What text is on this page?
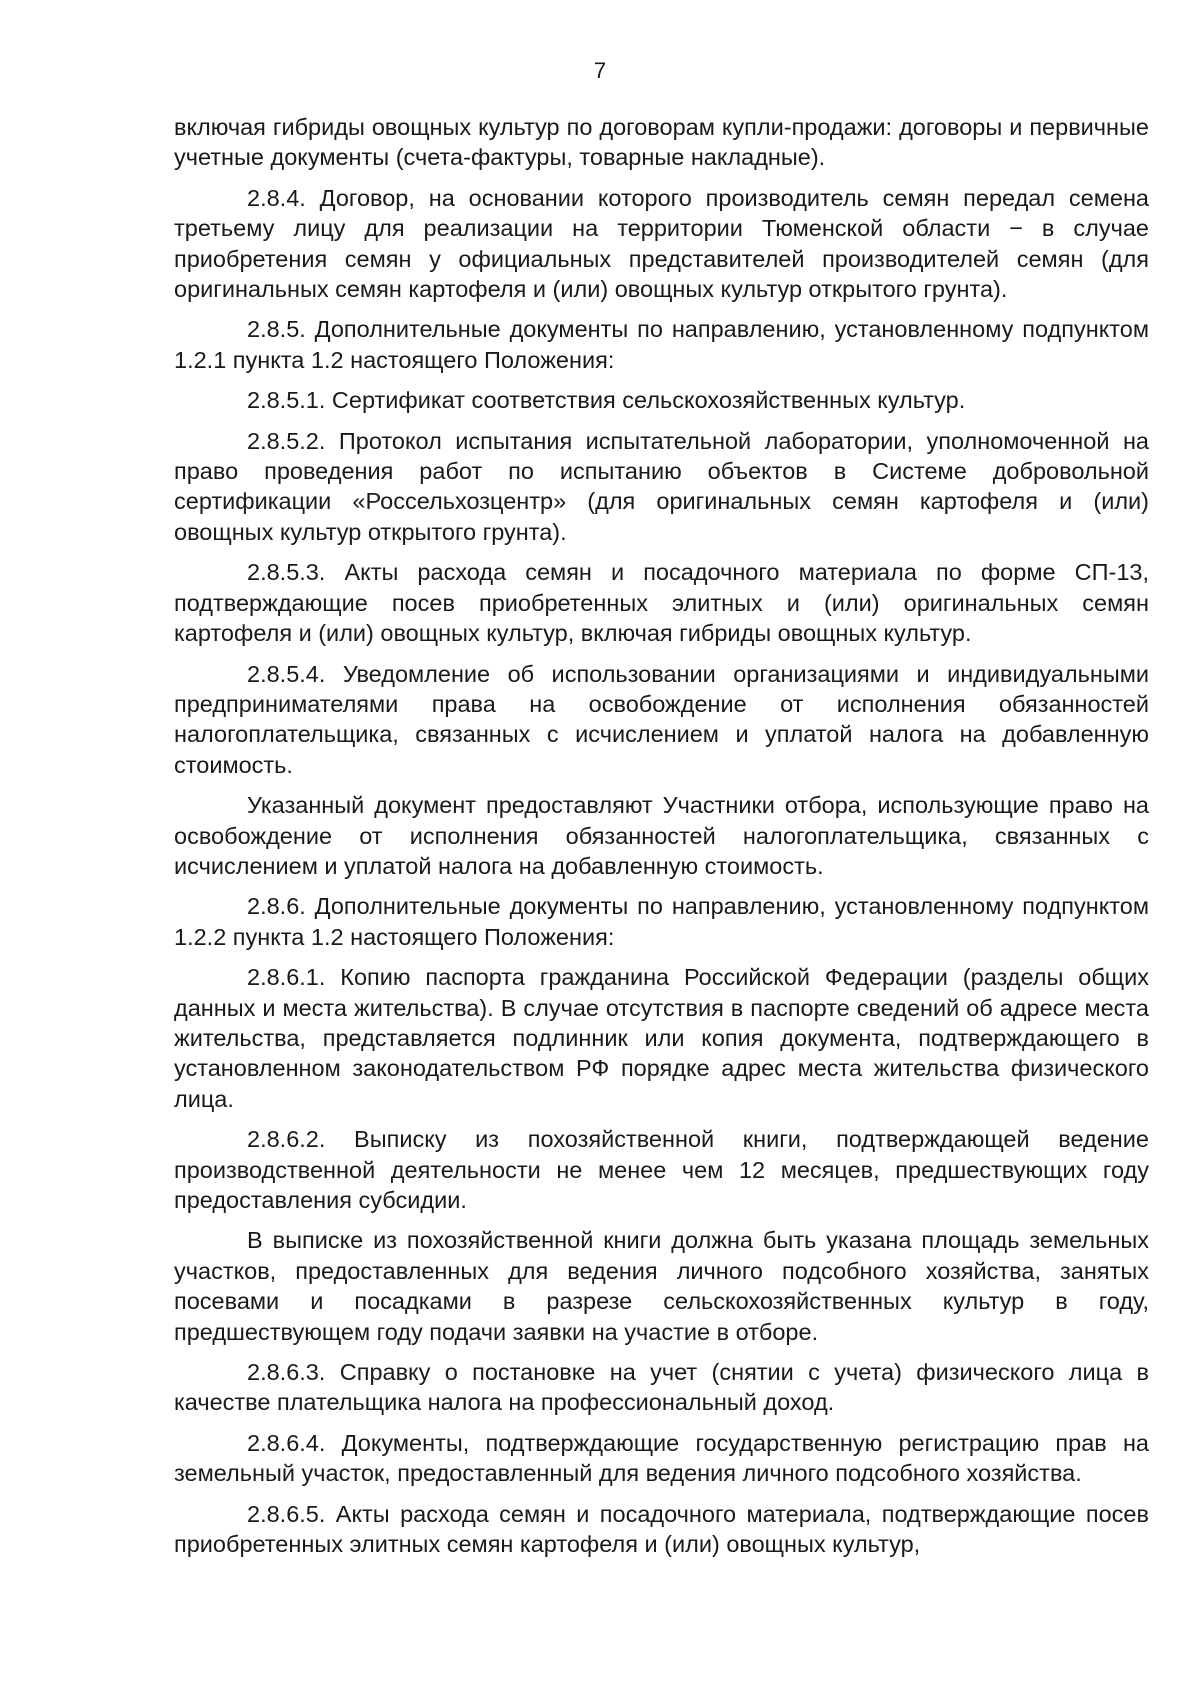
7

включая гибриды овощных культур по договорам купли-продажи: договоры и первичные учетные документы (счета-фактуры, товарные накладные).

2.8.4. Договор, на основании которого производитель семян передал семена третьему лицу для реализации на территории Тюменской области − в случае приобретения семян у официальных представителей производителей семян (для оригинальных семян картофеля и (или) овощных культур открытого грунта).

2.8.5. Дополнительные документы по направлению, установленному подпунктом 1.2.1 пункта 1.2 настоящего Положения:

2.8.5.1. Сертификат соответствия сельскохозяйственных культур.

2.8.5.2. Протокол испытания испытательной лаборатории, уполномоченной на право проведения работ по испытанию объектов в Системе добровольной сертификации «Россельхозцентр» (для оригинальных семян картофеля и (или) овощных культур открытого грунта).

2.8.5.3. Акты расхода семян и посадочного материала по форме СП-13, подтверждающие посев приобретенных элитных и (или) оригинальных семян картофеля и (или) овощных культур, включая гибриды овощных культур.

2.8.5.4. Уведомление об использовании организациями и индивидуальными предпринимателями права на освобождение от исполнения обязанностей налогоплательщика, связанных с исчислением и уплатой налога на добавленную стоимость.

Указанный документ предоставляют Участники отбора, использующие право на освобождение от исполнения обязанностей налогоплательщика, связанных с исчислением и уплатой налога на добавленную стоимость.

2.8.6. Дополнительные документы по направлению, установленному подпунктом 1.2.2 пункта 1.2 настоящего Положения:

2.8.6.1. Копию паспорта гражданина Российской Федерации (разделы общих данных и места жительства). В случае отсутствия в паспорте сведений об адресе места жительства, представляется подлинник или копия документа, подтверждающего в установленном законодательством РФ порядке адрес места жительства физического лица.

2.8.6.2. Выписку из похозяйственной книги, подтверждающей ведение производственной деятельности не менее чем 12 месяцев, предшествующих году предоставления субсидии.

В выписке из похозяйственной книги должна быть указана площадь земельных участков, предоставленных для ведения личного подсобного хозяйства, занятых посевами и посадками в разрезе сельскохозяйственных культур в году, предшествующем году подачи заявки на участие в отборе.

2.8.6.3. Справку о постановке на учет (снятии с учета) физического лица в качестве плательщика налога на профессиональный доход.

2.8.6.4. Документы, подтверждающие государственную регистрацию прав на земельный участок, предоставленный для ведения личного подсобного хозяйства.

2.8.6.5. Акты расхода семян и посадочного материала, подтверждающие посев приобретенных элитных семян картофеля и (или) овощных культур,
